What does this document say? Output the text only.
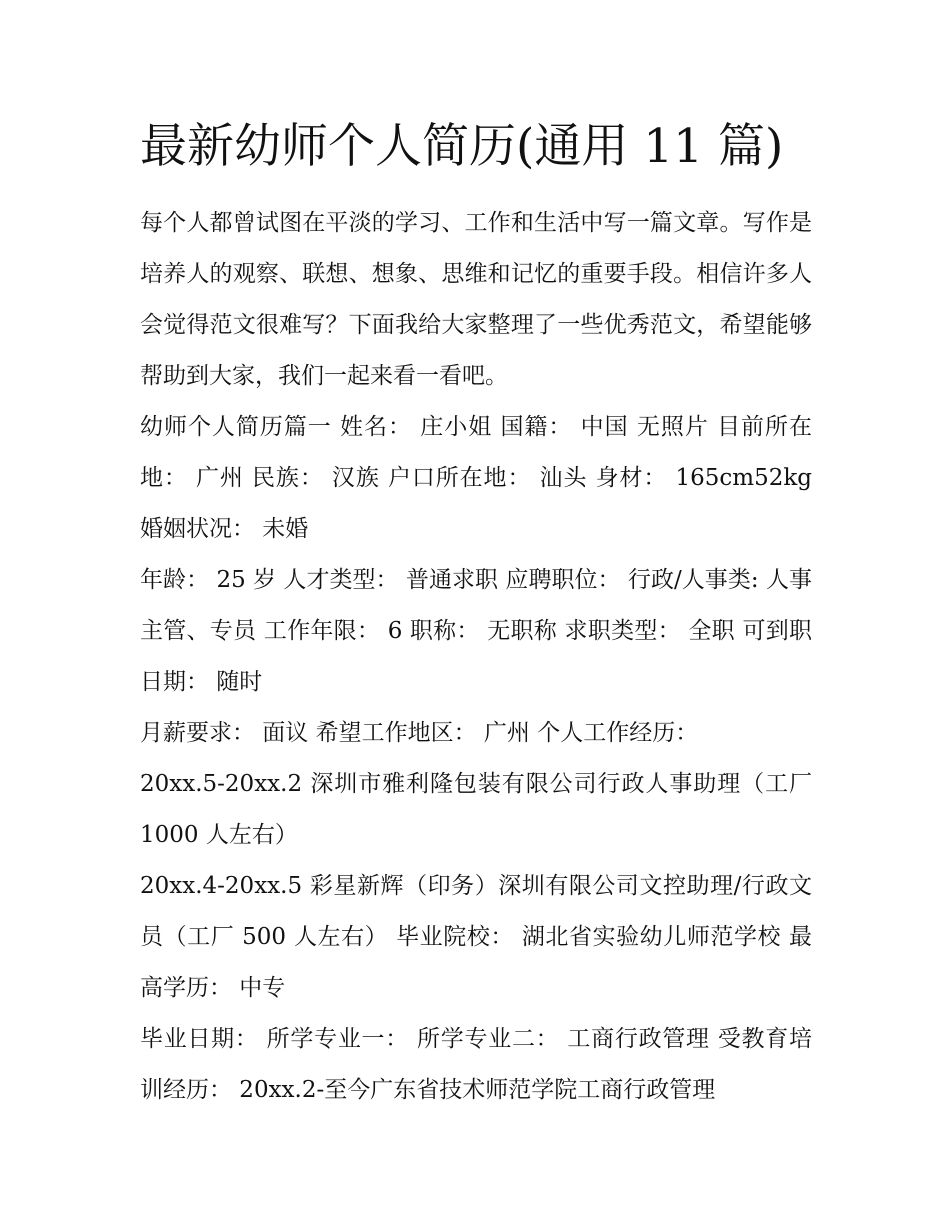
最新幼师个人简历(通用 11 篇)

每个人都曾试图在平淡的学习、工作和生活中写一篇文章。写作是培养人的观察、联想、想象、思维和记忆的重要手段。相信许多人会觉得范文很难写？下面我给大家整理了一些优秀范文，希望能够帮助到大家，我们一起来看一看吧。

幼师个人简历篇一 姓名： 庄小姐 国籍： 中国 无照片 目前所在地： 广州 民族： 汉族 户口所在地： 汕头 身材： 165cm52kg 婚姻状况： 未婚

年龄： 25 岁 人才类型： 普通求职 应聘职位： 行政/人事类: 人事主管、专员 工作年限： 6 职称： 无职称 求职类型： 全职 可到职日期： 随时

月薪要求： 面议 希望工作地区： 广州 个人工作经历：

20xx.5-20xx.2 深圳市雅利隆包装有限公司行政人事助理（工厂 1000 人左右）

20xx.4-20xx.5 彩星新辉（印务）深圳有限公司文控助理/行政文员（工厂 500 人左右） 毕业院校： 湖北省实验幼儿师范学校 最高学历： 中专

毕业日期： 所学专业一： 所学专业二： 工商行政管理 受教育培训经历： 20xx.2-至今广东省技术师范学院工商行政管理
